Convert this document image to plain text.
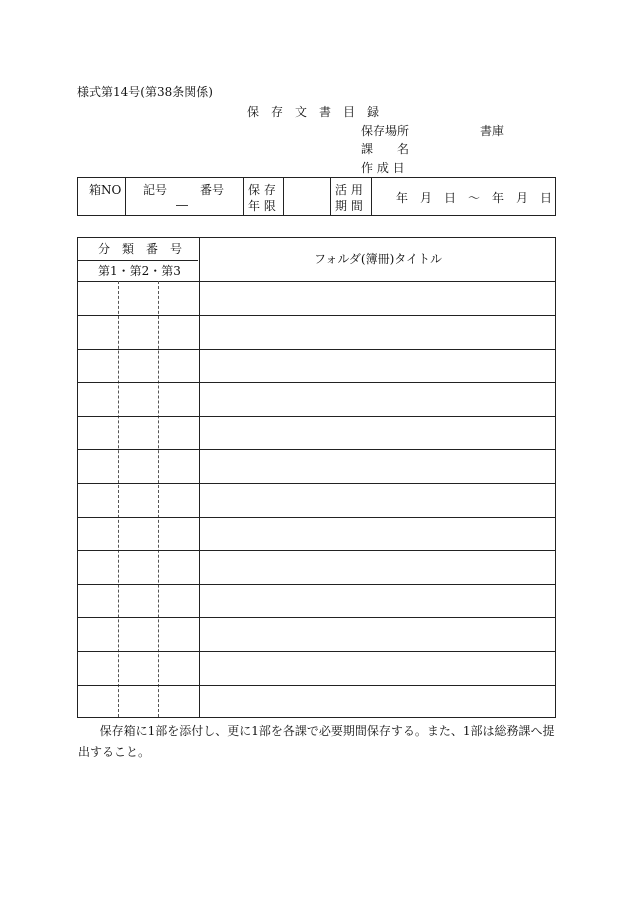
様式第14号(第38条関係)
保　存　文　書　目　録
保存場所	書庫
課　　名
作 成 日
箱NO 記号	番号
―
保 存
年 限
活 用
期 間
年　月　日　〜　年　月　日
分　類　番　号
第1・第2・第3
フォルダ(簿冊)タイトル
保存箱に1部を添付し、更に1部を各課で必要期間保存する。また、1部は総務課へ提出すること。
